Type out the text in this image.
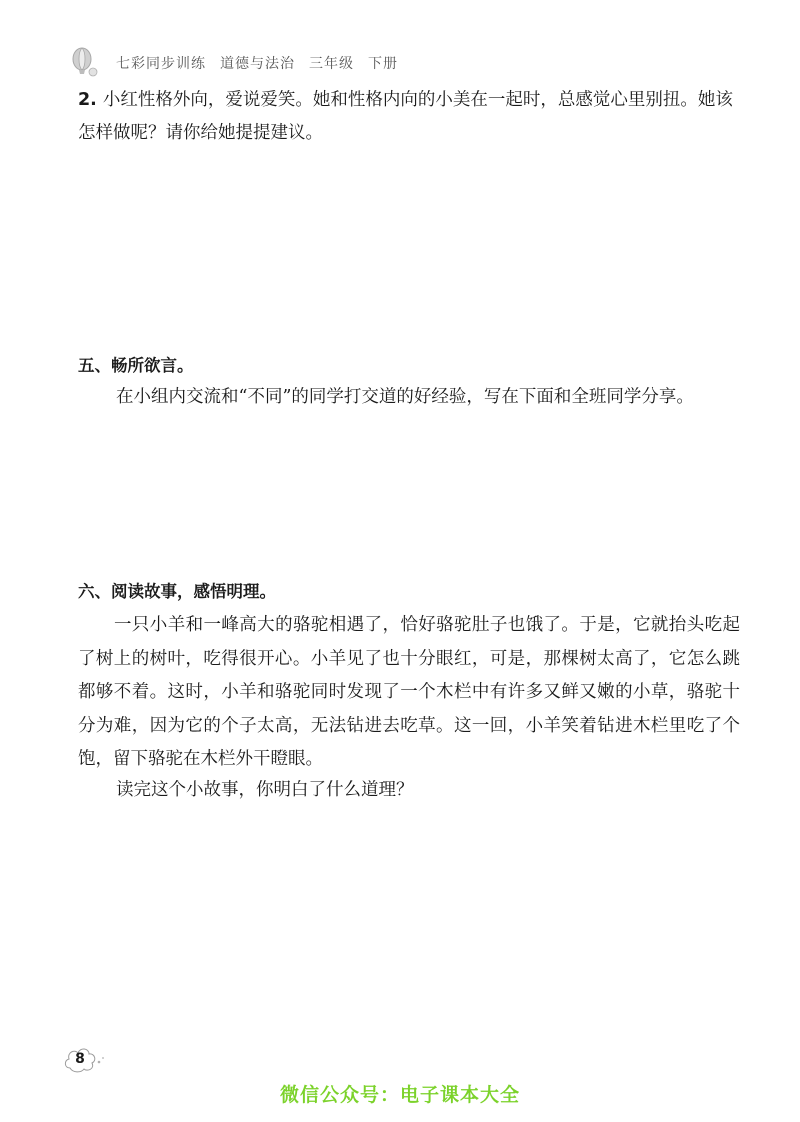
七彩同步训练 道德与法治 三年级 下册
2. 小红性格外向，爱说爱笑。她和性格内向的小美在一起时，总感觉心里别扭。她该怎样做呢？请你给她提提建议。
五、畅所欲言。
在小组内交流和“不同”的同学打交道的好经验，写在下面和全班同学分享。
六、阅读故事，感悟明理。
一只小羊和一峰高大的骆驼相遇了，恰好骆驼肚子也饿了。于是，它就抬头吃起了树上的树叶，吃得很开心。小羊见了也十分眼红，可是，那棵树太高了，它怎么跳都够不着。这时，小羊和骆驼同时发现了一个木栏中有许多又鲜又嫩的小草，骆驼十分为难，因为它的个子太高，无法钻进去吃草。这一回，小羊笑着钻进木栏里吃了个饱，留下骆驼在木栏外干瞪眼。
读完这个小故事，你明白了什么道理？
8
微信公众号：电子课本大全
